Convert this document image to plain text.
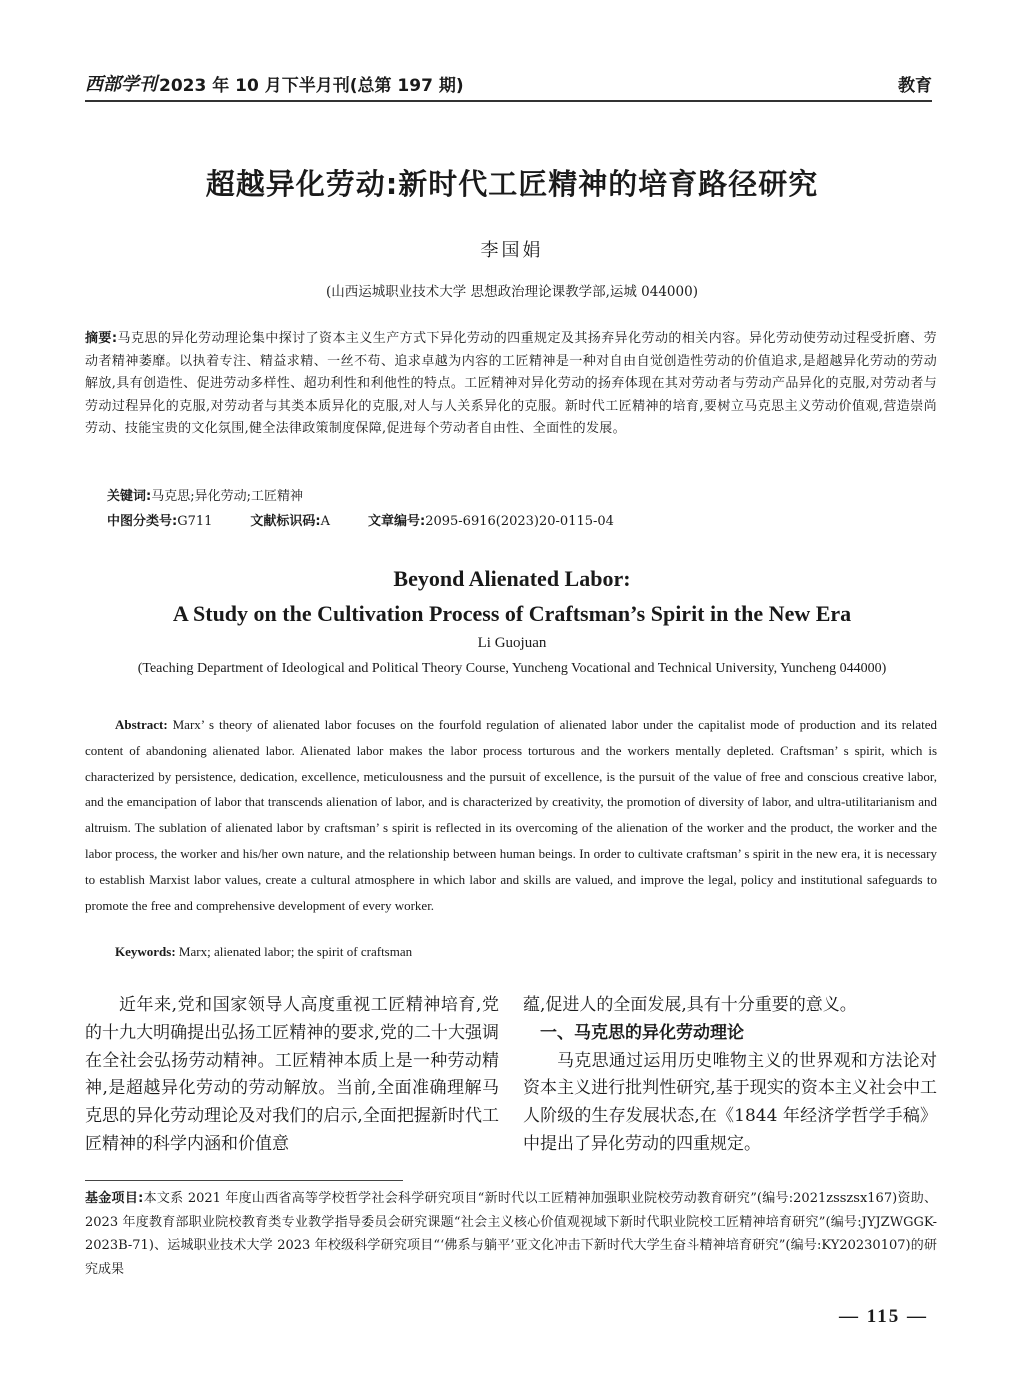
西部学刊 2023 年 10 月下半月刊(总第 197 期)	教育
超越异化劳动:新时代工匠精神的培育路径研究
李国娟
(山西运城职业技术大学 思想政治理论课教学部,运城 044000)
摘要:马克思的异化劳动理论集中探讨了资本主义生产方式下异化劳动的四重规定及其扬弃异化劳动的相关内容。异化劳动使劳动过程受折磨、劳动者精神萎靡。以执着专注、精益求精、一丝不苟、追求卓越为内容的工匠精神是一种对自由自觉创造性劳动的价值追求,是超越异化劳动的劳动解放,具有创造性、促进劳动多样性、超功利性和利他性的特点。工匠精神对异化劳动的扬弃体现在其对劳动者与劳动产品异化的克服,对劳动者与劳动过程异化的克服,对劳动者与其类本质异化的克服,对人与人关系异化的克服。新时代工匠精神的培育,要树立马克思主义劳动价值观,营造崇尚劳动、技能宝贵的文化氛围,健全法律政策制度保障,促进每个劳动者自由性、全面性的发展。
关键词:马克思;异化劳动;工匠精神
中图分类号:G711	文献标识码:A	文章编号:2095-6916(2023)20-0115-04
Beyond Alienated Labor:
A Study on the Cultivation Process of Craftsman’s Spirit in the New Era
Li Guojuan
(Teaching Department of Ideological and Political Theory Course, Yuncheng Vocational and Technical University, Yuncheng 044000)
Abstract: Marx’ s theory of alienated labor focuses on the fourfold regulation of alienated labor under the capitalist mode of production and its related content of abandoning alienated labor. Alienated labor makes the labor process torturous and the workers mentally depleted. Craftsman’ s spirit, which is characterized by persistence, dedication, excellence, meticulousness and the pursuit of excellence, is the pursuit of the value of free and conscious creative labor, and the emancipation of labor that transcends alienation of labor, and is characterized by creativity, the promotion of diversity of labor, and ultra-utilitarianism and altruism. The sublation of alienated labor by craftsman’ s spirit is reflected in its overcoming of the alienation of the worker and the product, the worker and the labor process, the worker and his/her own nature, and the relationship between human beings. In order to cultivate craftsman’ s spirit in the new era, it is necessary to establish Marxist labor values, create a cultural atmosphere in which labor and skills are valued, and improve the legal, policy and institutional safeguards to promote the free and comprehensive development of every worker.
Keywords: Marx; alienated labor; the spirit of craftsman

近年来,党和国家领导人高度重视工匠精神培育,党的十九大明确提出弘扬工匠精神的要求,党的二十大强调在全社会弘扬劳动精神。工匠精神本质上是一种劳动精神,是超越异化劳动的劳动解放。当前,全面准确理解马克思的异化劳动理论及对我们的启示,全面把握新时代工匠精神的科学内涵和价值意

蕴,促进人的全面发展,具有十分重要的意义。

一、马克思的异化劳动理论

马克思通过运用历史唯物主义的世界观和方法论对资本主义进行批判性研究,基于现实的资本主义社会中工人阶级的生存发展状态,在《1844 年经济学哲学手稿》中提出了异化劳动的四重规定。

基金项目:本文系 2021 年度山西省高等学校哲学社会科学研究项目“新时代以工匠精神加强职业院校劳动教育研究”(编号:2021zsszsx167)资助、2023 年度教育部职业院校教育类专业教学指导委员会研究课题“社会主义核心价值观视域下新时代职业院校工匠精神培育研究”(编号:JYJZWGGK-2023B-71)、运城职业技术大学 2023 年校级科学研究项目“‘佛系与躺平’亚文化冲击下新时代大学生奋斗精神培育研究”(编号:KY20230107)的研究成果
— 115 —
